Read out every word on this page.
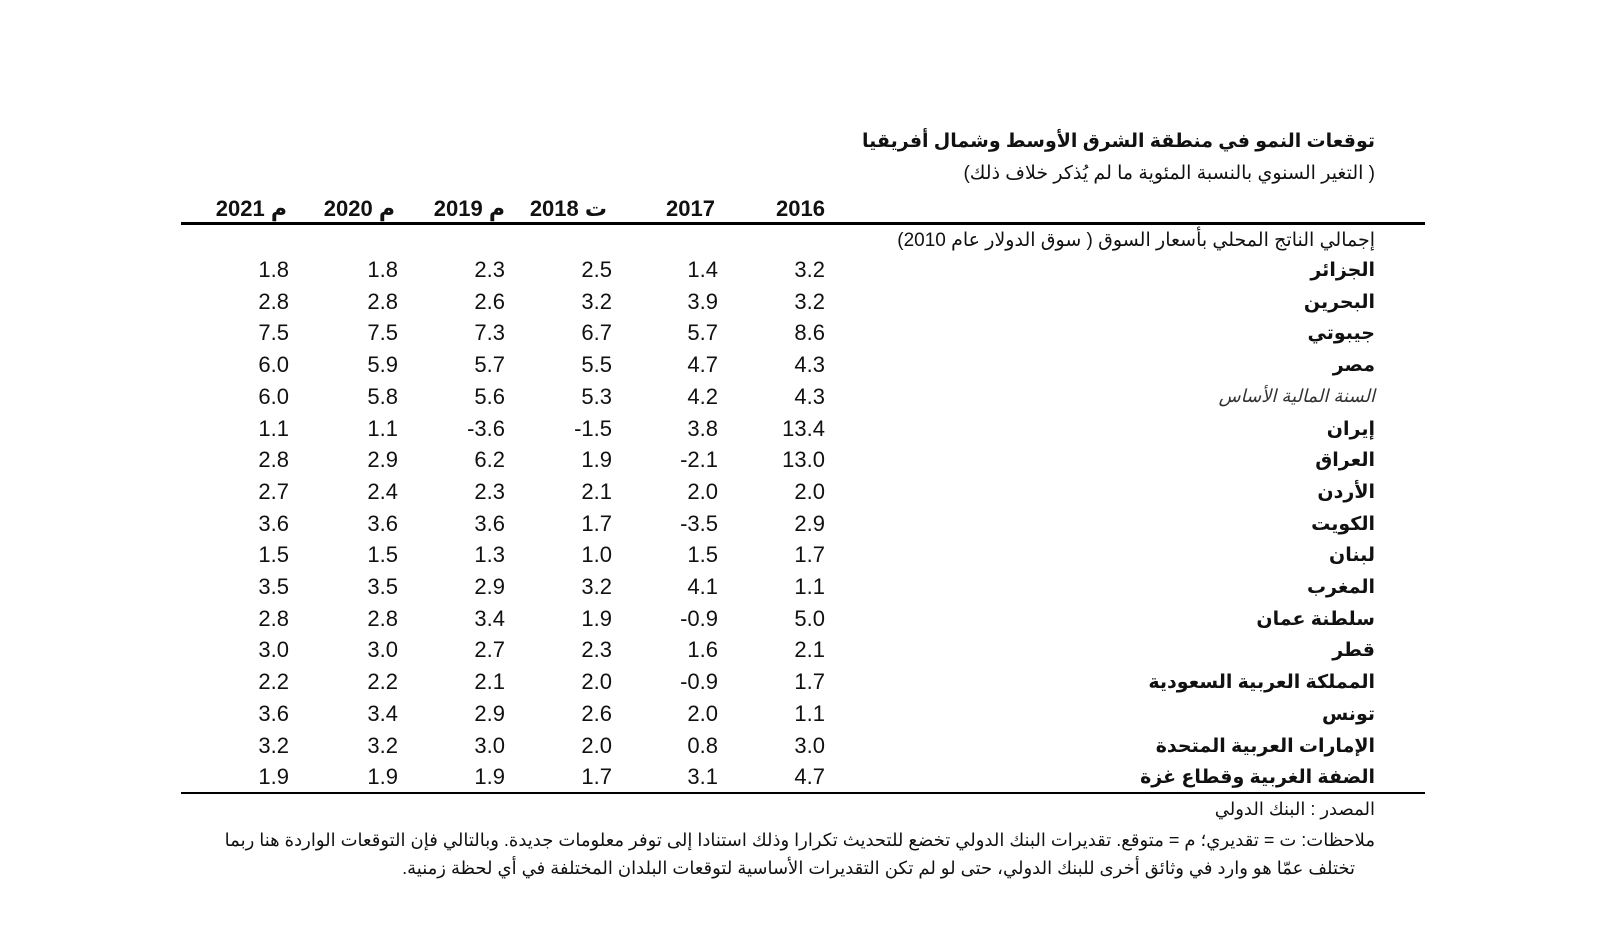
توقعات النمو في منطقة الشرق الأوسط وشمال أفريقيا
( التغير السنوي بالنسبة المئوية ما لم يُذكر خلاف ذلك)
2016
2017
ت 2018
م 2019
م 2020
م 2021
إجمالي الناتج المحلي بأسعار السوق ( سوق الدولار عام 2010)
الجزائر
3.2
1.4
2.5
2.3
1.8
1.8
البحرين
3.2
3.9
3.2
2.6
2.8
2.8
جيبوتي
8.6
5.7
6.7
7.3
7.5
7.5
مصر
4.3
4.7
5.5
5.7
5.9
6.0
السنة المالية الأساس
4.3
4.2
5.3
5.6
5.8
6.0
إيران
13.4
3.8
-1.5
-3.6
1.1
1.1
العراق
13.0
-2.1
1.9
6.2
2.9
2.8
الأردن
2.0
2.0
2.1
2.3
2.4
2.7
الكويت
2.9
-3.5
1.7
3.6
3.6
3.6
لبنان
1.7
1.5
1.0
1.3
1.5
1.5
المغرب
1.1
4.1
3.2
2.9
3.5
3.5
سلطنة عمان
5.0
-0.9
1.9
3.4
2.8
2.8
قطر
2.1
1.6
2.3
2.7
3.0
3.0
المملكة العربية السعودية
1.7
-0.9
2.0
2.1
2.2
2.2
تونس
1.1
2.0
2.6
2.9
3.4
3.6
الإمارات العربية المتحدة
3.0
0.8
2.0
3.0
3.2
3.2
الضفة الغربية وقطاع غزة
4.7
3.1
1.7
1.9
1.9
1.9
المصدر : البنك الدولي
ملاحظات: ت = تقديري؛ م = متوقع. تقديرات البنك الدولي تخضع للتحديث تكرارا وذلك استنادا إلى توفر معلومات جديدة. وبالتالي فإن التوقعات الواردة هنا ربما
تختلف عمّا هو وارد في وثائق أخرى للبنك الدولي، حتى لو لم تكن التقديرات الأساسية لتوقعات البلدان المختلفة في أي لحظة زمنية.
